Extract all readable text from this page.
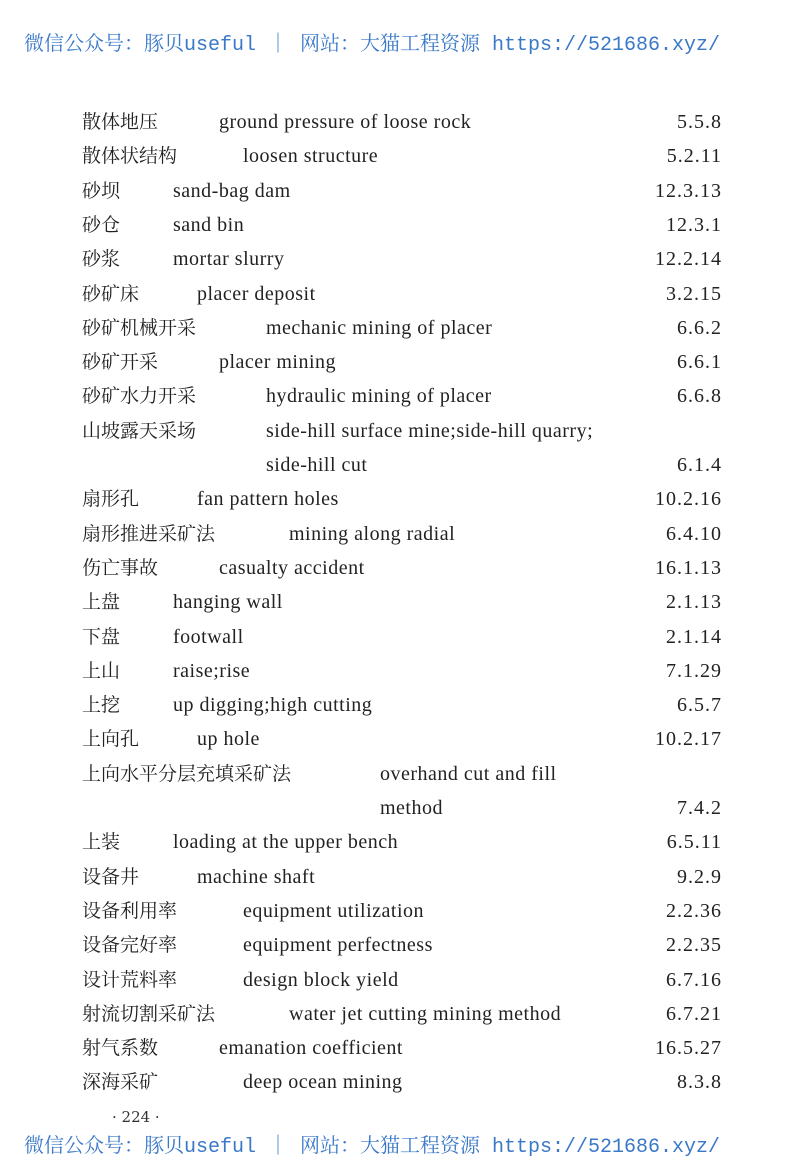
微信公众号：豚贝useful ｜ 网站：大猫工程资源 https://521686.xyz/
散体地压	ground pressure of loose rock	5.5.8
散体状结构	loosen structure	5.2.11
砂坝	sand-bag dam	12.3.13
砂仓	sand bin	12.3.1
砂浆	mortar slurry	12.2.14
砂矿床	placer deposit	3.2.15
砂矿机械开采	mechanic mining of placer	6.6.2
砂矿开采	placer mining	6.6.1
砂矿水力开采	hydraulic mining of placer	6.6.8
山坡露天采场	side-hill surface mine;side-hill quarry;
side-hill cut	6.1.4
扇形孔	fan pattern holes	10.2.16
扇形推进采矿法	mining along radial	6.4.10
伤亡事故	casualty accident	16.1.13
上盘	hanging wall	2.1.13
下盘	footwall	2.1.14
上山	raise;rise	7.1.29
上挖	up digging;high cutting	6.5.7
上向孔	up hole	10.2.17
上向水平分层充填采矿法	overhand cut and fill
method	7.4.2
上装	loading at the upper bench	6.5.11
设备井	machine shaft	9.2.9
设备利用率	equipment utilization	2.2.36
设备完好率	equipment perfectness	2.2.35
设计荒料率	design block yield	6.7.16
射流切割采矿法	water jet cutting mining method	6.7.21
射气系数	emanation coefficient	16.5.27
深海采矿	deep ocean mining	8.3.8
· 224 ·
微信公众号：豚贝useful ｜ 网站：大猫工程资源 https://521686.xyz/
